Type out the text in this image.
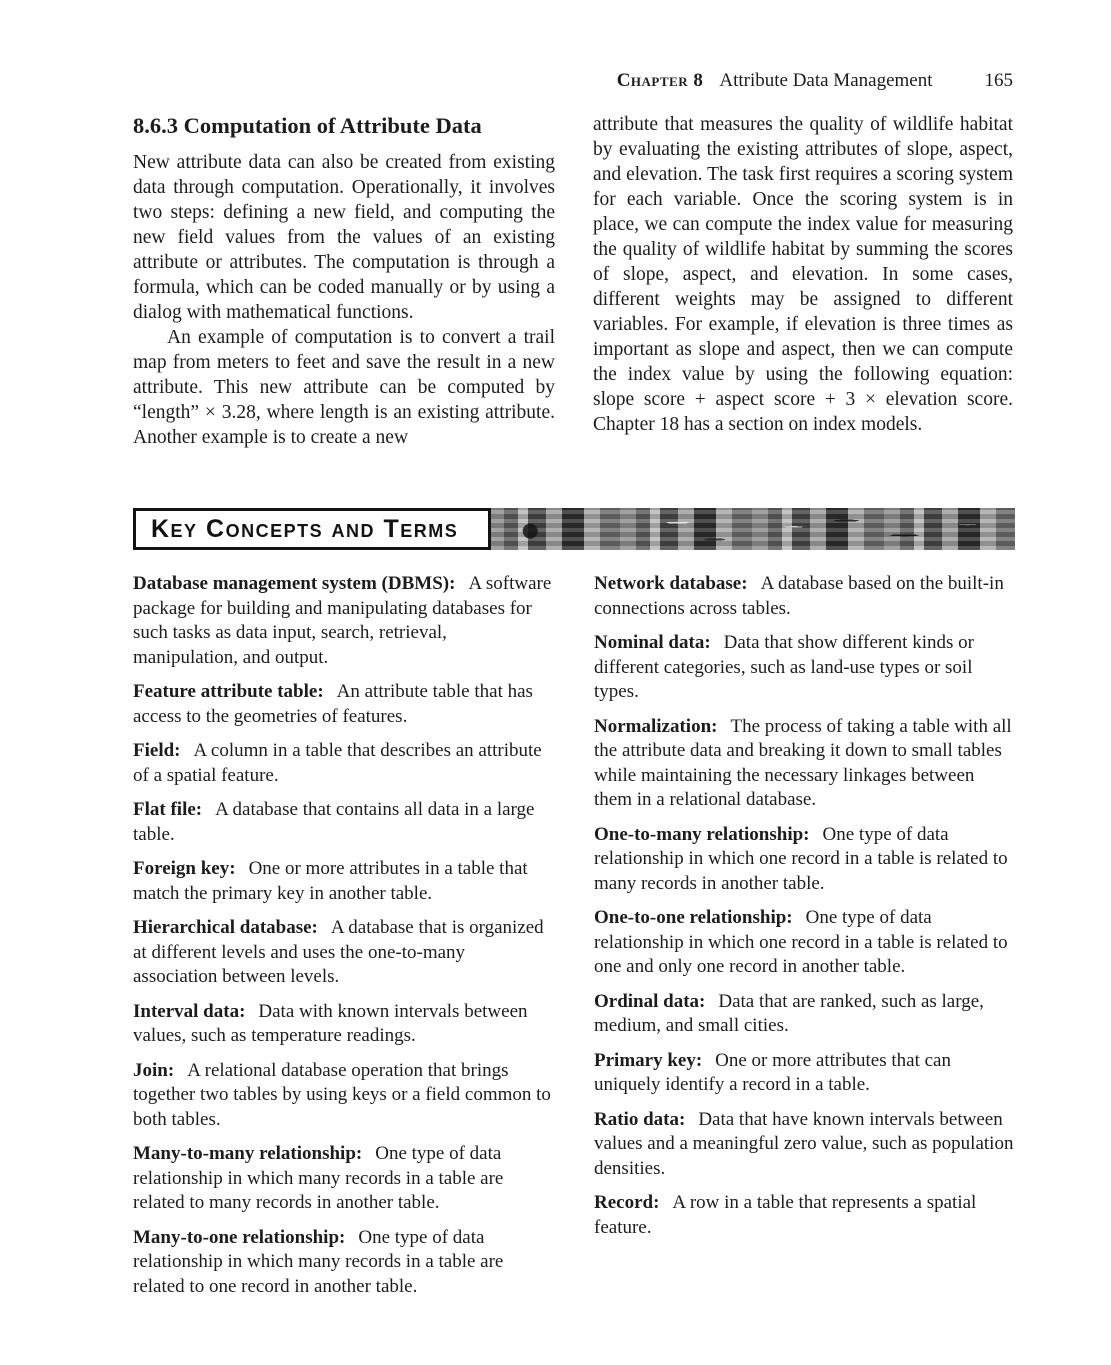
Chapter 8 Attribute Data Management	165
8.6.3 Computation of Attribute Data

New attribute data can also be created from existing data through computation. Operationally, it involves two steps: defining a new field, and computing the new field values from the values of an existing attribute or attributes. The computation is through a formula, which can be coded manually or by using a dialog with mathematical functions.

An example of computation is to convert a trail map from meters to feet and save the result in a new attribute. This new attribute can be computed by “length” × 3.28, where length is an existing attribute. Another example is to create a new

attribute that measures the quality of wildlife habitat by evaluating the existing attributes of slope, aspect, and elevation. The task first requires a scoring system for each variable. Once the scoring system is in place, we can compute the index value for measuring the quality of wildlife habitat by summing the scores of slope, aspect, and elevation. In some cases, different weights may be assigned to different variables. For example, if elevation is three times as important as slope and aspect, then we can compute the index value by using the following equation: slope score + aspect score + 3 × elevation score. Chapter 18 has a section on index models.

Key Concepts and Terms

Database management system (DBMS): A software package for building and manipulating databases for such tasks as data input, search, retrieval, manipulation, and output.

Feature attribute table: An attribute table that has access to the geometries of features.

Field: A column in a table that describes an attribute of a spatial feature.

Flat file: A database that contains all data in a large table.

Foreign key: One or more attributes in a table that match the primary key in another table.

Hierarchical database: A database that is organized at different levels and uses the one-to-many association between levels.

Interval data: Data with known intervals between values, such as temperature readings.

Join: A relational database operation that brings together two tables by using keys or a field common to both tables.

Many-to-many relationship: One type of data relationship in which many records in a table are related to many records in another table.

Many-to-one relationship: One type of data relationship in which many records in a table are related to one record in another table.

Network database: A database based on the built-in connections across tables.

Nominal data: Data that show different kinds or different categories, such as land-use types or soil types.

Normalization: The process of taking a table with all the attribute data and breaking it down to small tables while maintaining the necessary linkages between them in a relational database.

One-to-many relationship: One type of data relationship in which one record in a table is related to many records in another table.

One-to-one relationship: One type of data relationship in which one record in a table is related to one and only one record in another table.

Ordinal data: Data that are ranked, such as large, medium, and small cities.

Primary key: One or more attributes that can uniquely identify a record in a table.

Ratio data: Data that have known intervals between values and a meaningful zero value, such as population densities.

Record: A row in a table that represents a spatial feature.
